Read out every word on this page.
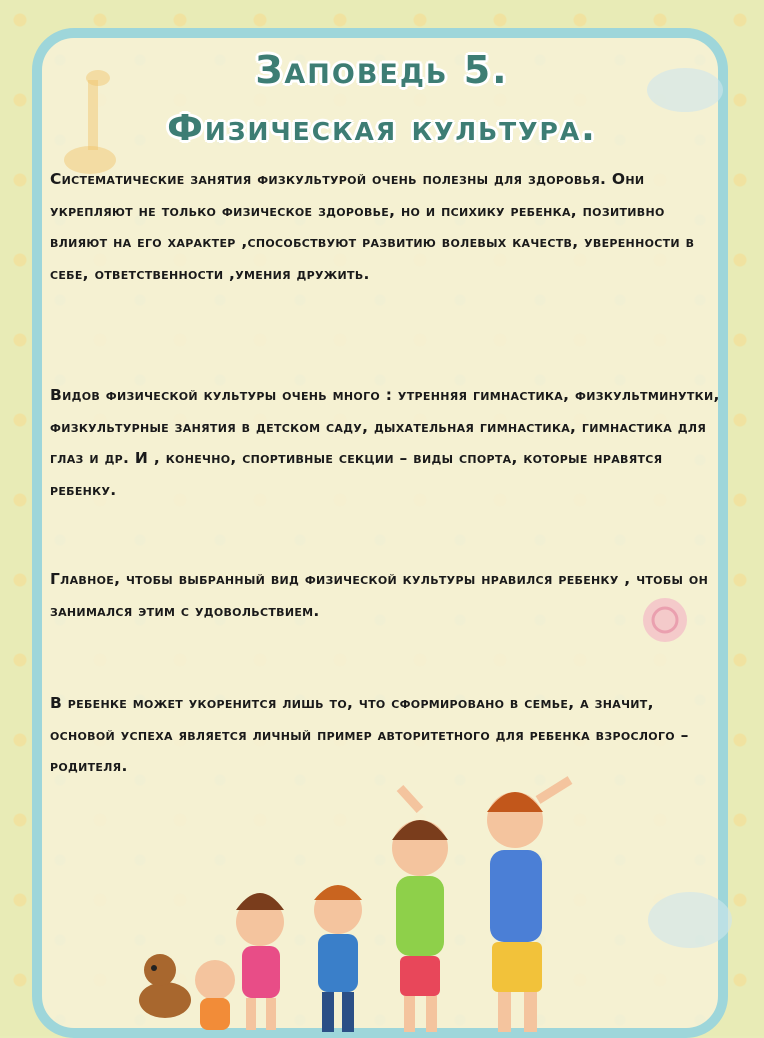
Заповедь 5.
Физическая культура.

Систематические занятия физкультурой очень полезны для здоровья. Они укрепляют не только физическое здоровье, но и психику ребенка, позитивно влияют на его характер ,способствуют развитию волевых качеств, уверенности в себе, ответственности ,умения дружить.

Видов физической культуры очень много : утренняя гимнастика, физкультминутки, физкультурные занятия в детском саду, дыхательная гимнастика, гимнастика для глаз и др. И , конечно, спортивные секции – виды спорта, которые нравятся ребенку.

Главное, чтобы выбранный вид физической культуры нравился ребенку , чтобы он занимался этим с удовольствием.

В ребенке может укоренится лишь то, что сформировано в семье, а значит, основой успеха является личный пример авторитетного для ребенка взрослого – родителя.
